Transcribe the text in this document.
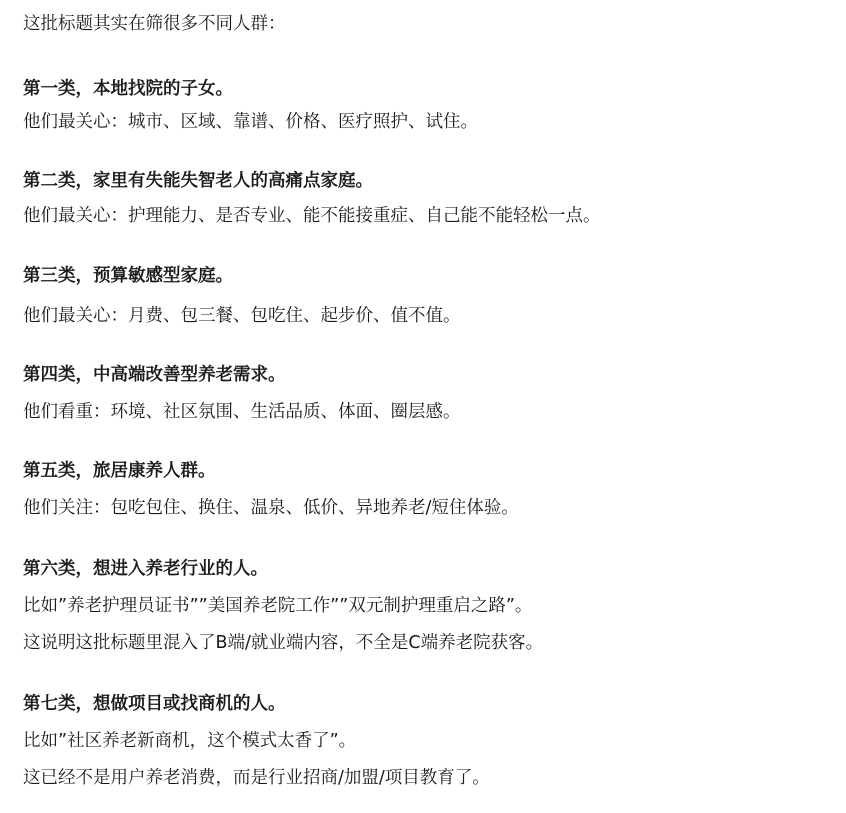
这批标题其实在筛很多不同人群：
第一类，本地找院的子女。
他们最关心：城市、区域、靠谱、价格、医疗照护、试住。
第二类，家里有失能失智老人的高痛点家庭。
他们最关心：护理能力、是否专业、能不能接重症、自己能不能轻松一点。
第三类，预算敏感型家庭。
他们最关心：月费、包三餐、包吃住、起步价、值不值。
第四类，中高端改善型养老需求。
他们看重：环境、社区氛围、生活品质、体面、圈层感。
第五类，旅居康养人群。
他们关注：包吃包住、换住、温泉、低价、异地养老/短住体验。
第六类，想进入养老行业的人。
比如”养老护理员证书””美国养老院工作””双元制护理重启之路”。
这说明这批标题里混入了B端/就业端内容，不全是C端养老院获客。
第七类，想做项目或找商机的人。
比如”社区养老新商机，这个模式太香了”。
这已经不是用户养老消费，而是行业招商/加盟/项目教育了。
